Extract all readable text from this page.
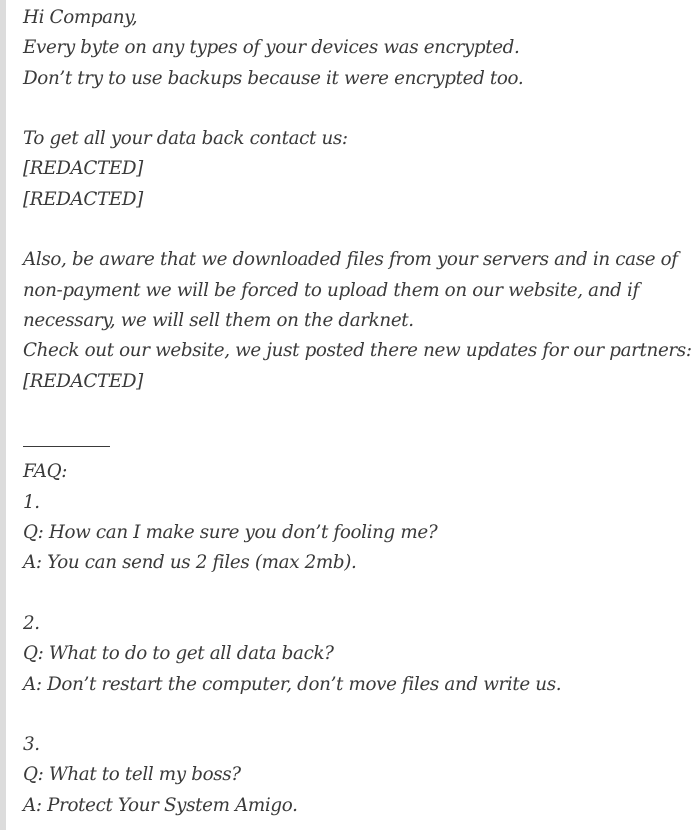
Hi Company,
Every byte on any types of your devices was encrypted.
Don’t try to use backups because it were encrypted too.
To get all your data back contact us:
[REDACTED]
[REDACTED]
Also, be aware that we downloaded files from your servers and in case of
non-payment we will be forced to upload them on our website, and if
necessary, we will sell them on the darknet.
Check out our website, we just posted there new updates for our partners:
[REDACTED]
FAQ:
1.
Q: How can I make sure you don’t fooling me?
A: You can send us 2 files (max 2mb).
2.
Q: What to do to get all data back?
A: Don’t restart the computer, don’t move files and write us.
3.
Q: What to tell my boss?
A: Protect Your System Amigo.
